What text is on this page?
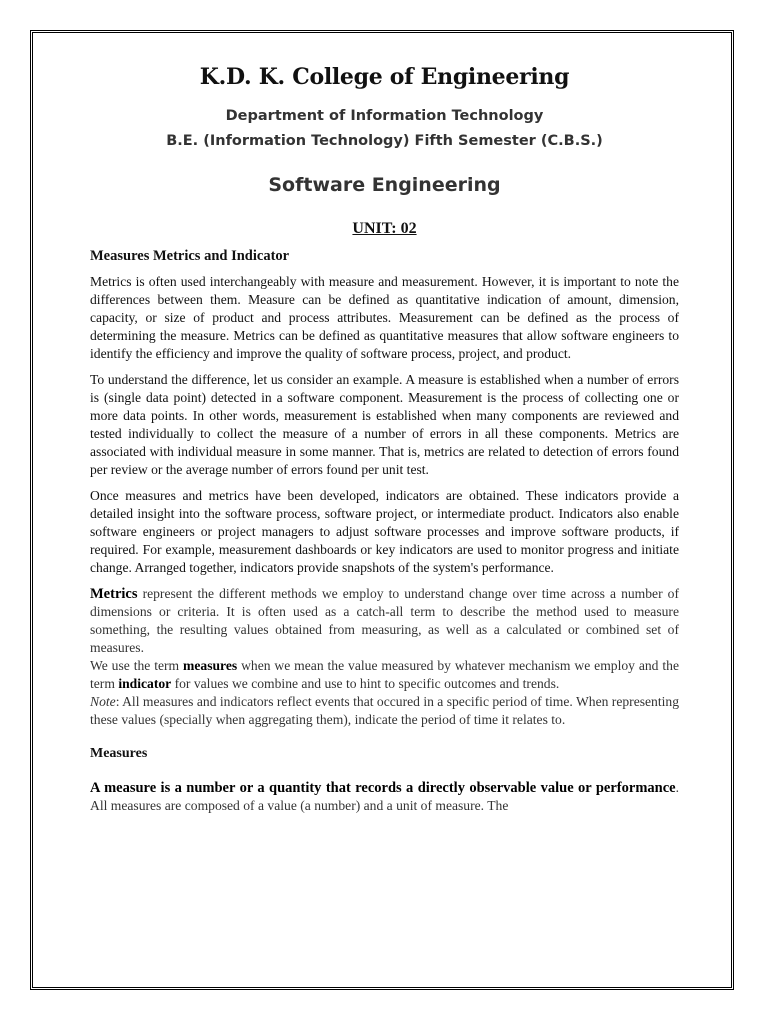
K.D. K. College of Engineering
Department of Information Technology
B.E. (Information Technology) Fifth Semester (C.B.S.)
Software Engineering
UNIT: 02
Measures Metrics and Indicator

Metrics is often used interchangeably with measure and measurement. However, it is important to note the differences between them. Measure can be defined as quantitative indication of amount, dimension, capacity, or size of product and process attributes. Measurement can be defined as the process of determining the measure. Metrics can be defined as quantitative measures that allow software engineers to identify the efficiency and improve the quality of software process, project, and product.

To understand the difference, let us consider an example. A measure is established when a number of errors is (single data point) detected in a software component. Measurement is the process of collecting one or more data points. In other words, measurement is established when many components are reviewed and tested individually to collect the measure of a number of errors in all these components. Metrics are associated with individual measure in some manner. That is, metrics are related to detection of errors found per review or the average number of errors found per unit test.

Once measures and metrics have been developed, indicators are obtained. These indicators provide a detailed insight into the software process, software project, or intermediate product. Indicators also enable software engineers or project managers to adjust software processes and improve software products, if required. For example, measurement dashboards or key indicators are used to monitor progress and initiate change. Arranged together, indicators provide snapshots of the system's performance.

Metrics represent the different methods we employ to understand change over time across a number of dimensions or criteria. It is often used as a catch-all term to describe the method used to measure something, the resulting values obtained from measuring, as well as a calculated or combined set of measures.

We use the term measures when we mean the value measured by whatever mechanism we employ and the term indicator for values we combine and use to hint to specific outcomes and trends.

Note: All measures and indicators reflect events that occured in a specific period of time. When representing these values (specially when aggregating them), indicate the period of time it relates to.

Measures

A measure is a number or a quantity that records a directly observable value or performance. All measures are composed of a value (a number) and a unit of measure. The
